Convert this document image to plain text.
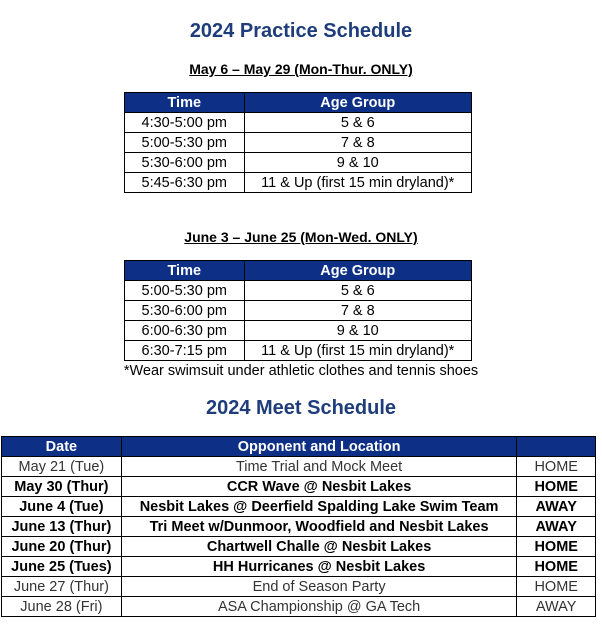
2024 Practice Schedule
May 6 – May 29 (Mon-Thur. ONLY)
Time	Age Group
4:30-5:00 pm	5 & 6
5:00-5:30 pm	7 & 8
5:30-6:00 pm	9 & 10
5:45-6:30 pm	11 & Up (first 15 min dryland)*
June 3 – June 25 (Mon-Wed. ONLY)
Time	Age Group
5:00-5:30 pm	5 & 6
5:30-6:00 pm	7 & 8
6:00-6:30 pm	9 & 10
6:30-7:15 pm	11 & Up (first 15 min dryland)*
*Wear swimsuit under athletic clothes and tennis shoes
2024 Meet Schedule
Date	Opponent and Location	
May 21 (Tue)	Time Trial and Mock Meet	HOME
May 30 (Thur)	CCR Wave @ Nesbit Lakes	HOME
June 4 (Tue)	Nesbit Lakes @ Deerfield Spalding Lake Swim Team	AWAY
June 13 (Thur)	Tri Meet w/Dunmoor, Woodfield and Nesbit Lakes	AWAY
June 20 (Thur)	Chartwell Challe @ Nesbit Lakes	HOME
June 25 (Tues)	HH Hurricanes @ Nesbit Lakes	HOME
June 27 (Thur)	End of Season Party	HOME
June 28 (Fri)	ASA Championship @ GA Tech	AWAY
